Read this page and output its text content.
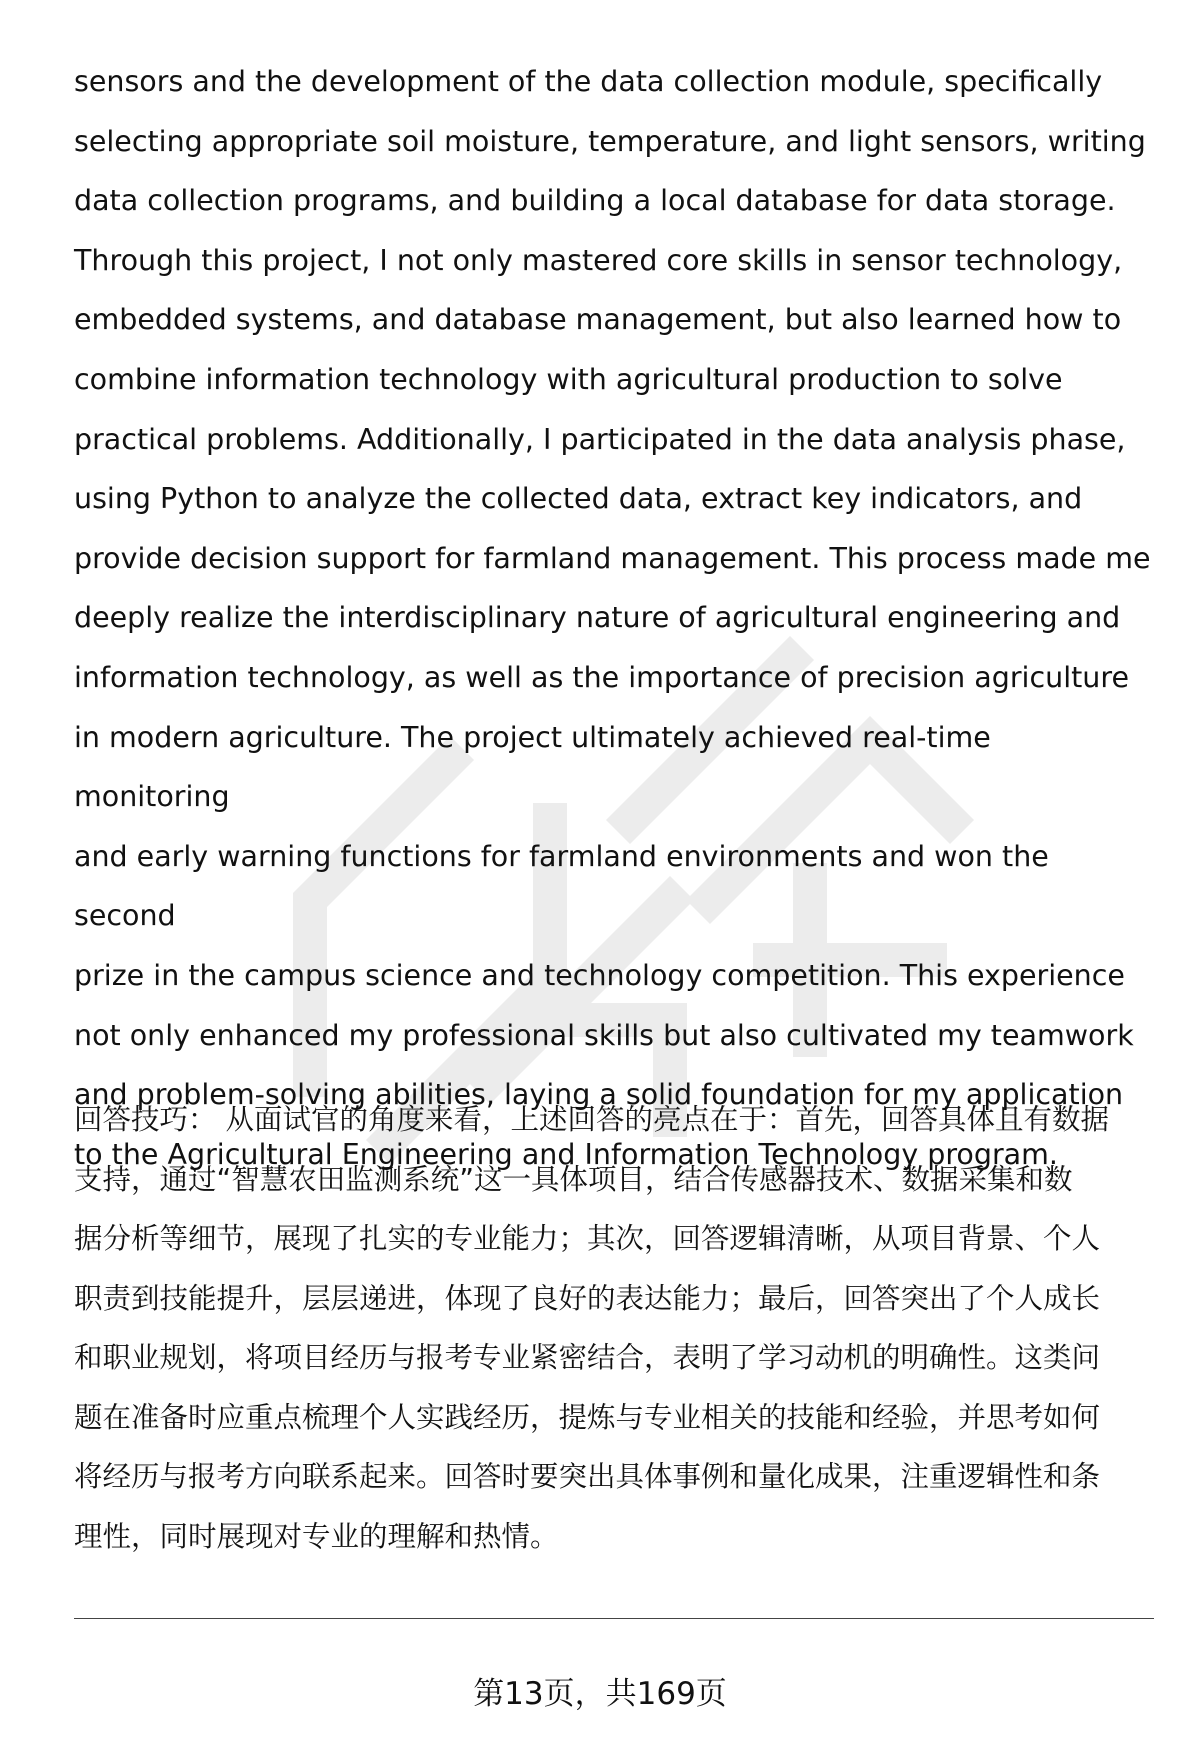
sensors and the development of the data collection module, specifically
selecting appropriate soil moisture, temperature, and light sensors, writing
data collection programs, and building a local database for data storage.
Through this project, I not only mastered core skills in sensor technology,
embedded systems, and database management, but also learned how to
combine information technology with agricultural production to solve
practical problems. Additionally, I participated in the data analysis phase,
using Python to analyze the collected data, extract key indicators, and
provide decision support for farmland management. This process made me
deeply realize the interdisciplinary nature of agricultural engineering and
information technology, as well as the importance of precision agriculture
in modern agriculture. The project ultimately achieved real-time monitoring
and early warning functions for farmland environments and won the second
prize in the campus science and technology competition. This experience
not only enhanced my professional skills but also cultivated my teamwork
and problem-solving abilities, laying a solid foundation for my application
to the Agricultural Engineering and Information Technology program.
回答技巧： 从面试官的角度来看，上述回答的亮点在于：首先，回答具体且有数据
支持，通过“智慧农田监测系统”这一具体项目，结合传感器技术、数据采集和数
据分析等细节，展现了扎实的专业能力；其次，回答逻辑清晰，从项目背景、个人
职责到技能提升，层层递进，体现了良好的表达能力；最后，回答突出了个人成长
和职业规划，将项目经历与报考专业紧密结合，表明了学习动机的明确性。这类问
题在准备时应重点梳理个人实践经历，提炼与专业相关的技能和经验，并思考如何
将经历与报考方向联系起来。回答时要突出具体事例和量化成果，注重逻辑性和条
理性，同时展现对专业的理解和热情。
第13页，共169页
